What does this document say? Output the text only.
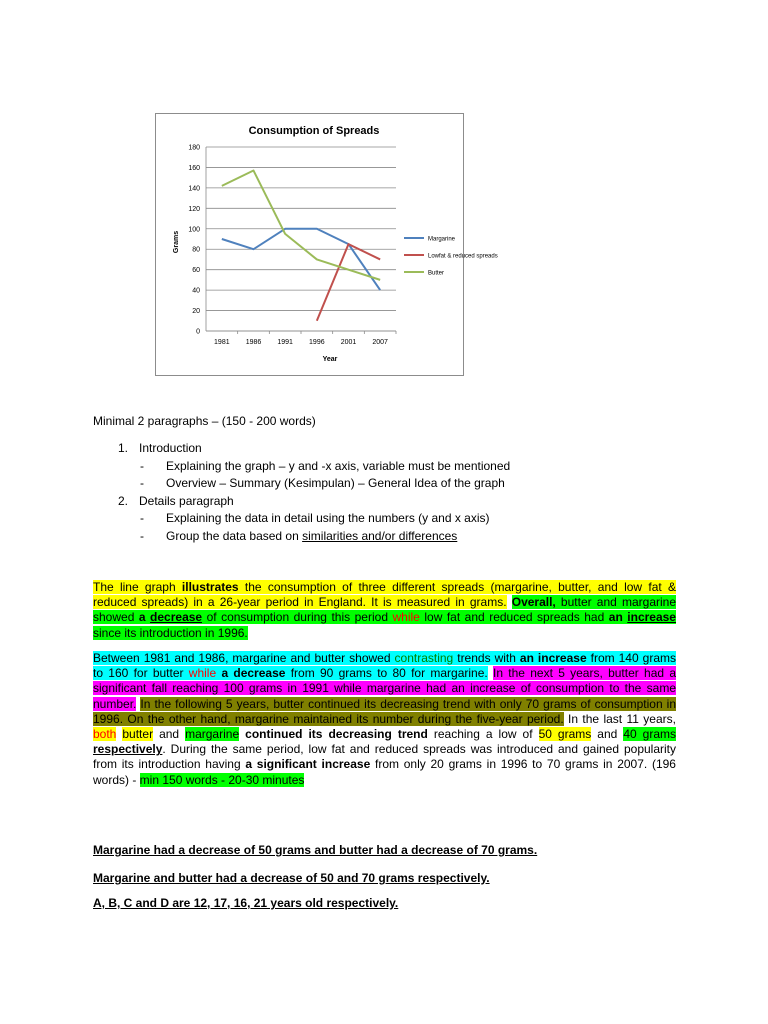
Consumption of Spreads
Grams
Year
0
20
40
60
80
100
120
140
160
180
1981 1986 1991 1996 2001 2007
Margarine
Lowfat & reduced spreads
Butter
Minimal 2 paragraphs – (150 - 200 words)
1. Introduction
- Explaining the graph – y and -x axis, variable must be mentioned
- Overview – Summary (Kesimpulan) – General Idea of the graph
2. Details paragraph
- Explaining the data in detail using the numbers (y and x axis)
- Group the data based on similarities and/or differences
The line graph illustrates the consumption of three different spreads (margarine, butter, and low fat & reduced spreads) in a 26-year period in England. It is measured in grams. Overall, butter and margarine showed a decrease of consumption during this period while low fat and reduced spreads had an increase since its introduction in 1996.
Between 1981 and 1986, margarine and butter showed contrasting trends with an increase from 140 grams to 160 for butter while a decrease from 90 grams to 80 for margarine. In the next 5 years, butter had a significant fall reaching 100 grams in 1991 while margarine had an increase of consumption to the same number. In the following 5 years, butter continued its decreasing trend with only 70 grams of consumption in 1996. On the other hand, margarine maintained its number during the five-year period. In the last 11 years, both butter and margarine continued its decreasing trend reaching a low of 50 grams and 40 grams respectively. During the same period, low fat and reduced spreads was introduced and gained popularity from its introduction having a significant increase from only 20 grams in 1996 to 70 grams in 2007. (196 words) - min 150 words - 20-30 minutes
Margarine had a decrease of 50 grams and butter had a decrease of 70 grams.
Margarine and butter had a decrease of 50 and 70 grams respectively.
A, B, C and D are 12, 17, 16, 21 years old respectively.
